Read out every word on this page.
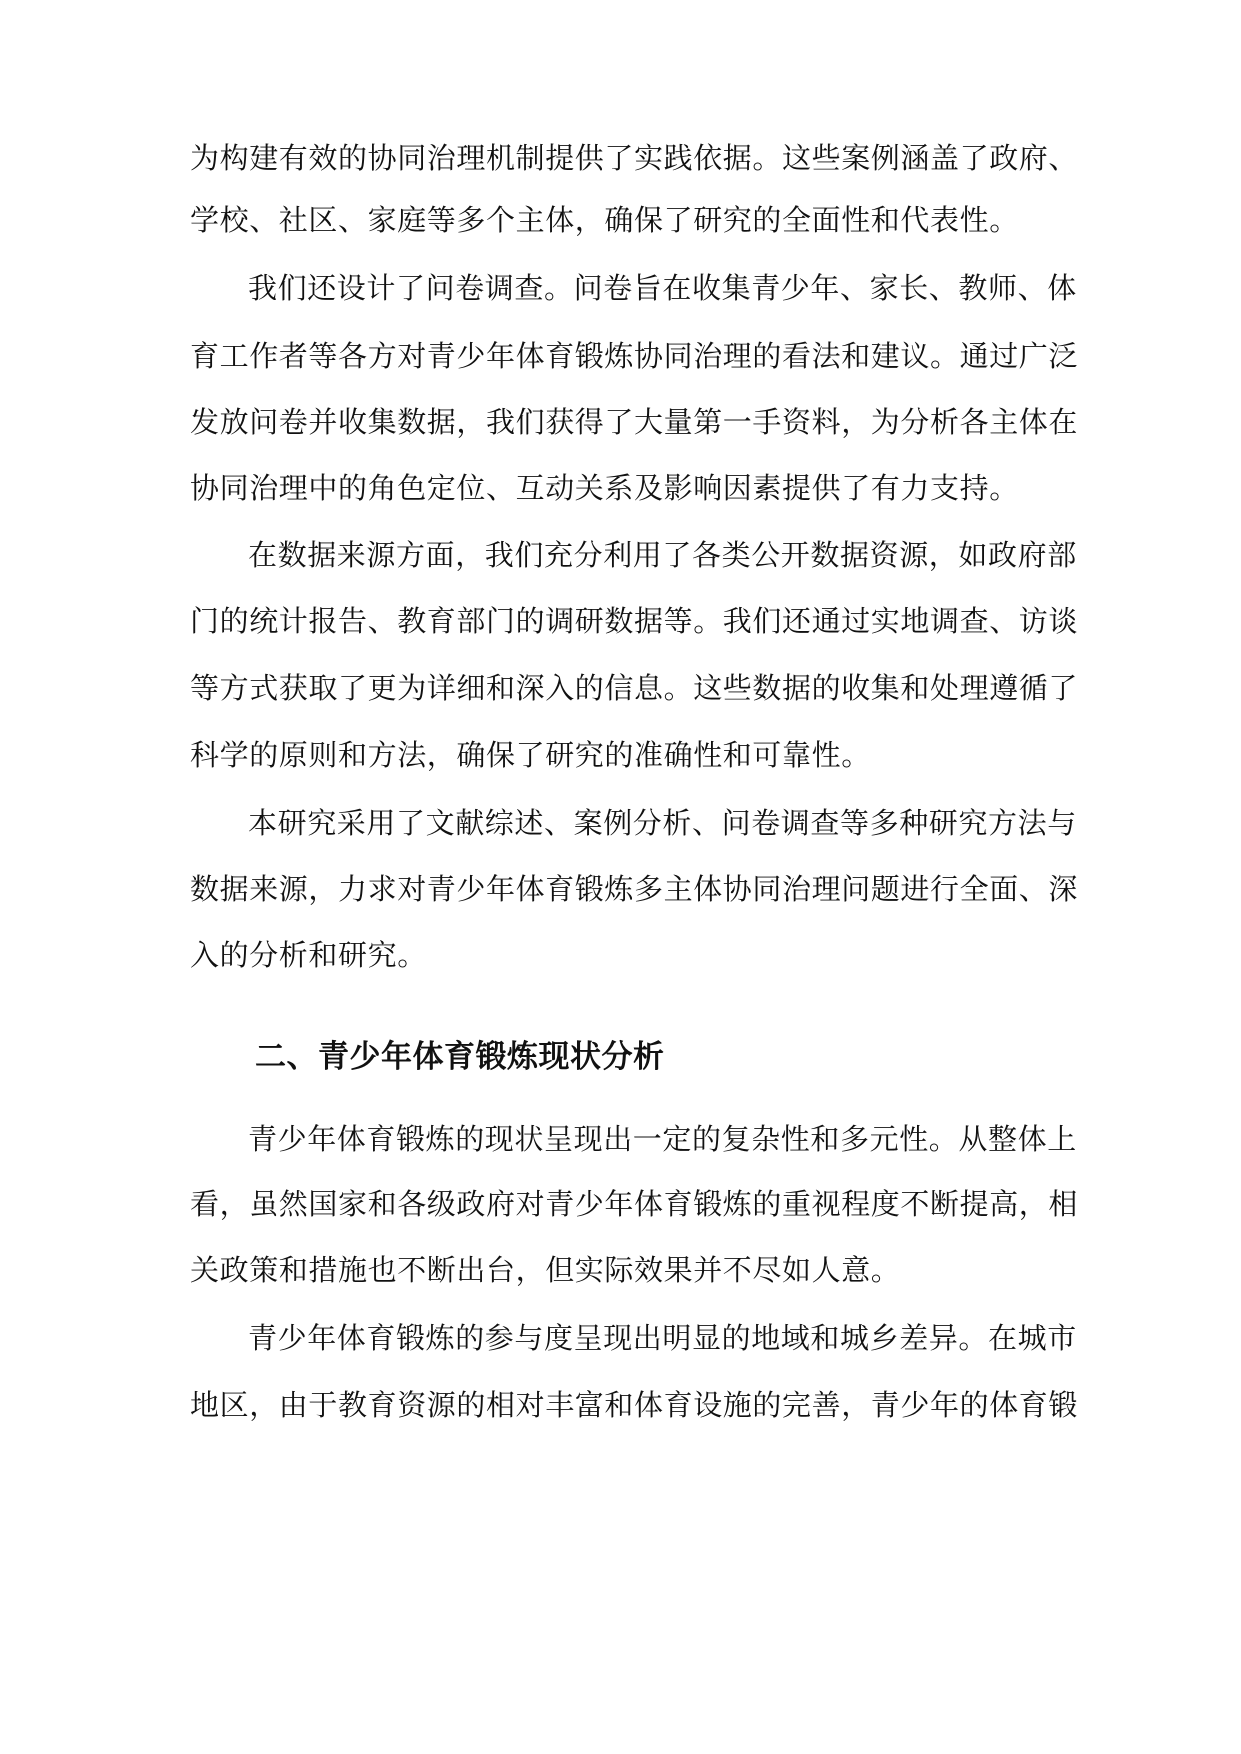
为构建有效的协同治理机制提供了实践依据。这些案例涵盖了政府、
学校、社区、家庭等多个主体，确保了研究的全面性和代表性。
我们还设计了问卷调查。问卷旨在收集青少年、家长、教师、体
育工作者等各方对青少年体育锻炼协同治理的看法和建议。通过广泛
发放问卷并收集数据，我们获得了大量第一手资料，为分析各主体在
协同治理中的角色定位、互动关系及影响因素提供了有力支持。
在数据来源方面，我们充分利用了各类公开数据资源，如政府部
门的统计报告、教育部门的调研数据等。我们还通过实地调查、访谈
等方式获取了更为详细和深入的信息。这些数据的收集和处理遵循了
科学的原则和方法，确保了研究的准确性和可靠性。
本研究采用了文献综述、案例分析、问卷调查等多种研究方法与
数据来源，力求对青少年体育锻炼多主体协同治理问题进行全面、深
入的分析和研究。
二、青少年体育锻炼现状分析
青少年体育锻炼的现状呈现出一定的复杂性和多元性。从整体上
看，虽然国家和各级政府对青少年体育锻炼的重视程度不断提高，相
关政策和措施也不断出台，但实际效果并不尽如人意。
青少年体育锻炼的参与度呈现出明显的地域和城乡差异。在城市
地区，由于教育资源的相对丰富和体育设施的完善，青少年的体育锻
